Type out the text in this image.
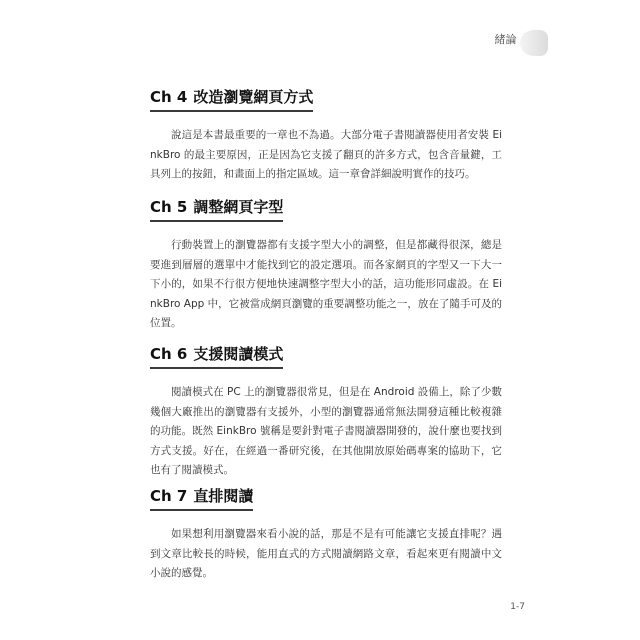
緒論
Ch 4 改造瀏覽網頁方式

說這是本書最重要的一章也不為過。大部分電子書閱讀器使用者安裝 EinkBro 的最主要原因，正是因為它支援了翻頁的許多方式，包含音量鍵，工具列上的按鈕，和畫面上的指定區域。這一章會詳細說明實作的技巧。

Ch 5 調整網頁字型

行動裝置上的瀏覽器都有支援字型大小的調整，但是都藏得很深，總是要進到層層的選單中才能找到它的設定選項。而各家網頁的字型又一下大一下小的，如果不行很方便地快速調整字型大小的話，這功能形同虛設。在 EinkBro App 中，它被當成網頁瀏覽的重要調整功能之一，放在了隨手可及的位置。

Ch 6 支援閱讀模式

閱讀模式在 PC 上的瀏覽器很常見，但是在 Android 設備上，除了少數幾個大廠推出的瀏覽器有支援外，小型的瀏覽器通常無法開發這種比較複雜的功能。既然 EinkBro 號稱是要針對電子書閱讀器開發的，說什麼也要找到方式支援。好在，在經過一番研究後，在其他開放原始碼專案的協助下，它也有了閱讀模式。

Ch 7 直排閱讀

如果想利用瀏覽器來看小說的話，那是不是有可能讓它支援直排呢？遇到文章比較長的時候，能用直式的方式閱讀網路文章，看起來更有閱讀中文小說的感覺。

1-7
